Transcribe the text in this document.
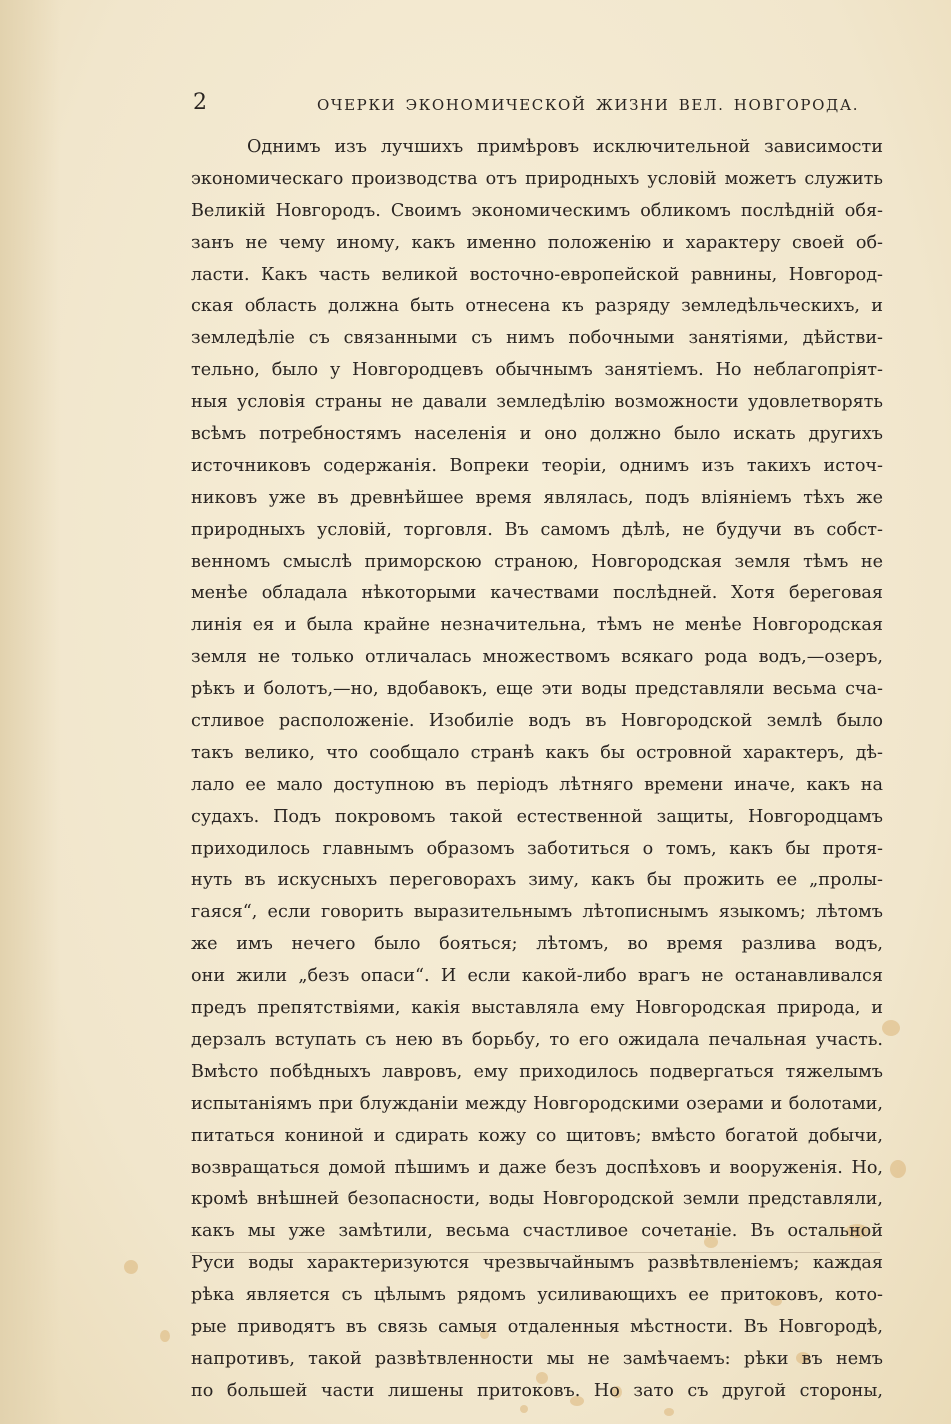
2	ОЧЕРКИ ЭКОНОМИЧЕСКОЙ ЖИЗНИ ВЕЛ. НОВГОРОДА.
Однимъ изъ лучшихъ примѣровъ исключительной зависимости
экономическаго производства отъ природныхъ условій можетъ служить
Великій Новгородъ. Своимъ экономическимъ обликомъ послѣдній обя-
занъ не чему иному, какъ именно положенію и характеру своей об-
ласти. Какъ часть великой восточно-европейской равнины, Новгород-
ская область должна быть отнесена къ разряду земледѣльческихъ, и
земледѣліе съ связанными съ нимъ побочными занятіями, дѣйстви-
тельно, было у Новгородцевъ обычнымъ занятіемъ. Но неблагопріят-
ныя условія страны не давали земледѣлію возможности удовлетворять
всѣмъ потребностямъ населенія и оно должно было искать другихъ
источниковъ содержанія. Вопреки теоріи, однимъ изъ такихъ источ-
никовъ уже въ древнѣйшее время являлась, подъ вліяніемъ тѣхъ же
природныхъ условій, торговля. Въ самомъ дѣлѣ, не будучи въ собст-
венномъ смыслѣ приморскою страною, Новгородская земля тѣмъ не
менѣе обладала нѣкоторыми качествами послѣдней. Хотя береговая
линія ея и была крайне незначительна, тѣмъ не менѣе Новгородская
земля не только отличалась множествомъ всякаго рода водъ,—озеръ,
рѣкъ и болотъ,—но, вдобавокъ, еще эти воды представляли весьма сча-
стливое расположеніе. Изобиліе водъ въ Новгородской землѣ было
такъ велико, что сообщало странѣ какъ бы островной характеръ, дѣ-
лало ее мало доступною въ періодъ лѣтняго времени иначе, какъ на
судахъ. Подъ покровомъ такой естественной защиты, Новгородцамъ
приходилось главнымъ образомъ заботиться о томъ, какъ бы протя-
нуть въ искусныхъ переговорахъ зиму, какъ бы прожить ее „пролы-
гаяся“, если говорить выразительнымъ лѣтописнымъ языкомъ; лѣтомъ
же имъ нечего было бояться; лѣтомъ, во время разлива водъ,
они жили „безъ опаси“. И если какой-либо врагъ не останавливался
предъ препятствіями, какія выставляла ему Новгородская природа, и
дерзалъ вступать съ нею въ борьбу, то его ожидала печальная участь.
Вмѣсто побѣдныхъ лавровъ, ему приходилось подвергаться тяжелымъ
испытаніямъ при блужданіи между Новгородскими озерами и болотами,
питаться кониной и сдирать кожу со щитовъ; вмѣсто богатой добычи,
возвращаться домой пѣшимъ и даже безъ доспѣховъ и вооруженія. Но,
кромѣ внѣшней безопасности, воды Новгородской земли представляли,
какъ мы уже замѣтили, весьма счастливое сочетаніе. Въ остальной
Руси воды характеризуются чрезвычайнымъ развѣтвленіемъ; каждая
рѣка является съ цѣлымъ рядомъ усиливающихъ ее притоковъ, кото-
рые приводятъ въ связь самыя отдаленныя мѣстности. Въ Новгородѣ,
напротивъ, такой развѣтвленности мы не замѣчаемъ: рѣки въ немъ
по большей части лишены притоковъ. Но зато съ другой стороны,
